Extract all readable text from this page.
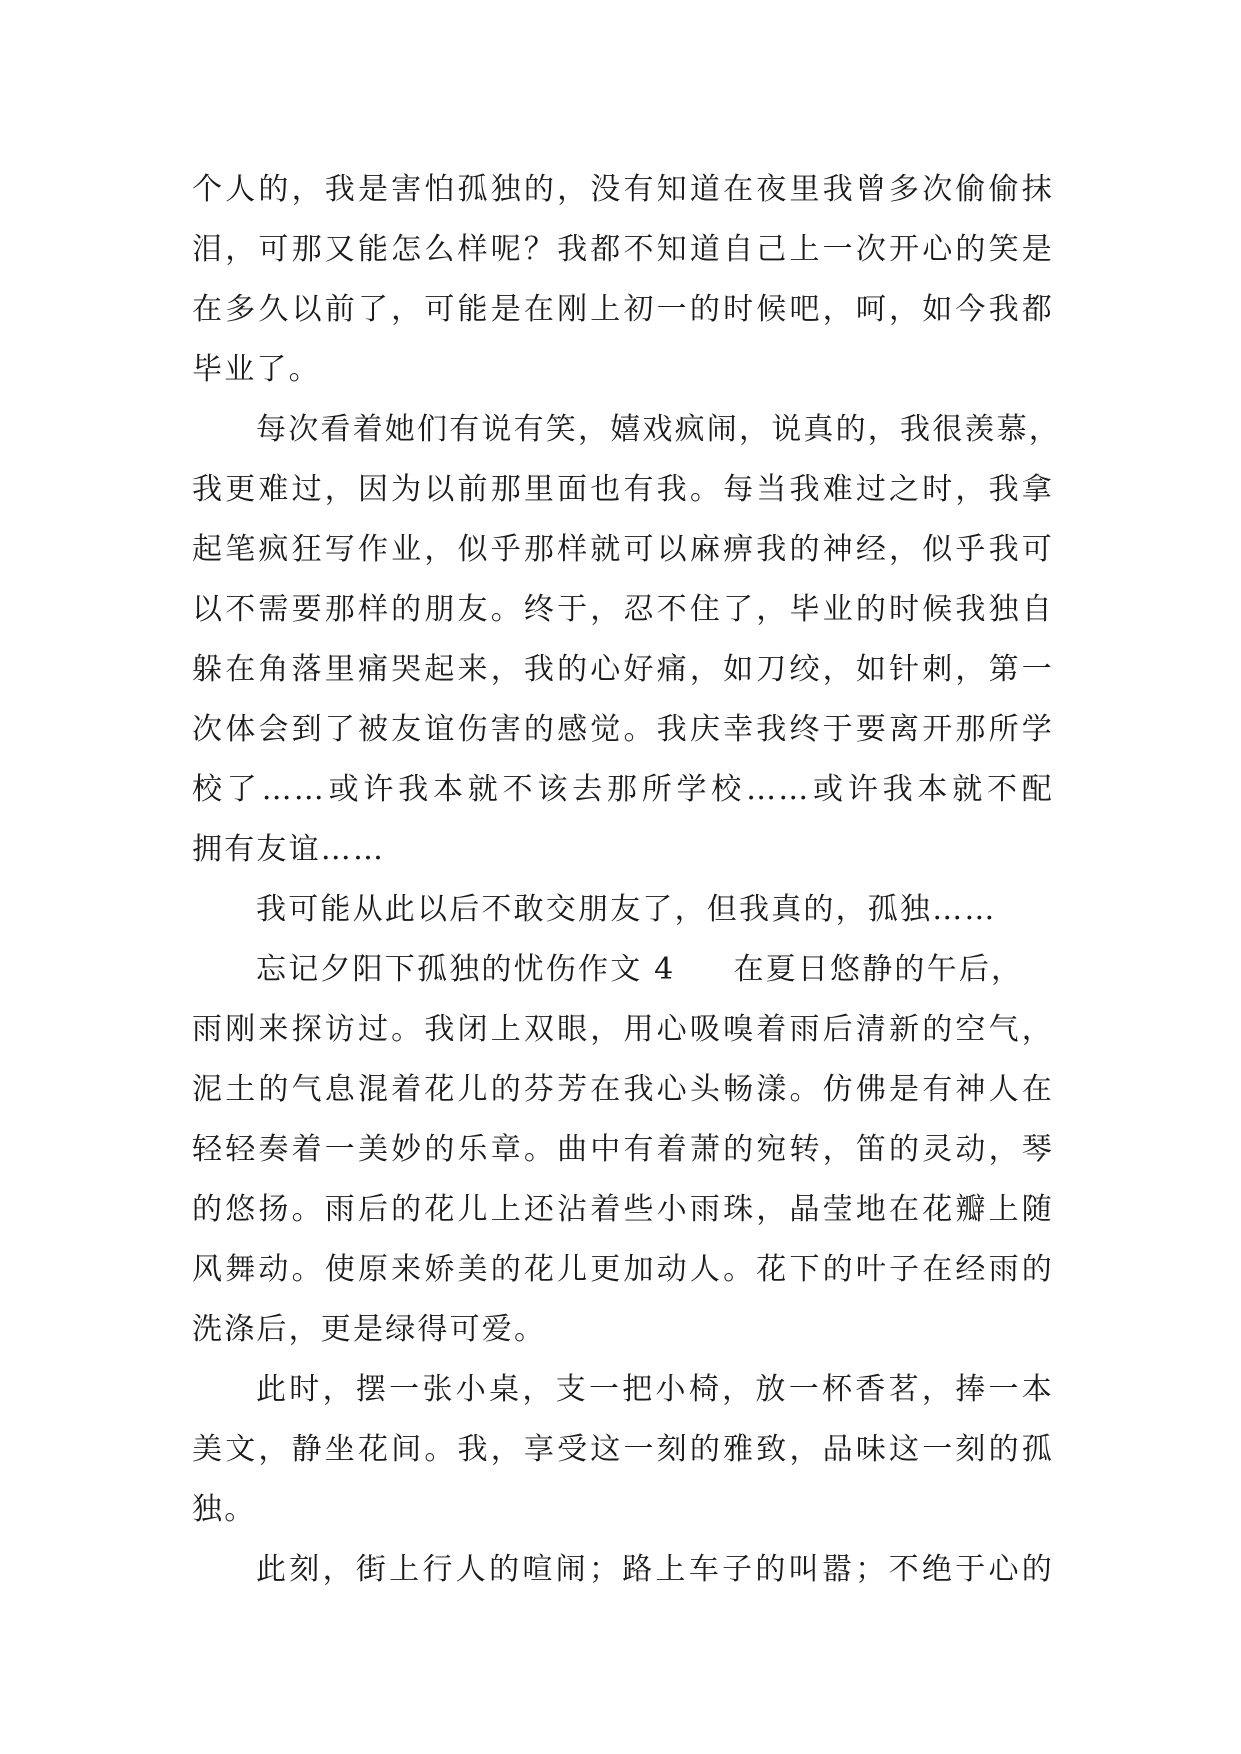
个人的，我是害怕孤独的，没有知道在夜里我曾多次偷偷抹
泪，可那又能怎么样呢？我都不知道自己上一次开心的笑是
在多久以前了，可能是在刚上初一的时候吧，呵，如今我都
毕业了。
每次看着她们有说有笑，嬉戏疯闹，说真的，我很羡慕，
我更难过，因为以前那里面也有我。每当我难过之时，我拿
起笔疯狂写作业，似乎那样就可以麻痹我的神经，似乎我可
以不需要那样的朋友。终于，忍不住了，毕业的时候我独自
躲在角落里痛哭起来，我的心好痛，如刀绞，如针刺，第一
次体会到了被友谊伤害的感觉。我庆幸我终于要离开那所学
校了……或许我本就不该去那所学校……或许我本就不配
拥有友谊……
我可能从此以后不敢交朋友了，但我真的，孤独……
忘记夕阳下孤独的忧伤作文 4 在夏日悠静的午后，
雨刚来探访过。我闭上双眼，用心吸嗅着雨后清新的空气，
泥土的气息混着花儿的芬芳在我心头畅漾。仿佛是有神人在
轻轻奏着一美妙的乐章。曲中有着萧的宛转，笛的灵动，琴
的悠扬。雨后的花儿上还沾着些小雨珠，晶莹地在花瓣上随
风舞动。使原来娇美的花儿更加动人。花下的叶子在经雨的
洗涤后，更是绿得可爱。
此时，摆一张小桌，支一把小椅，放一杯香茗，捧一本
美文，静坐花间。我，享受这一刻的雅致，品味这一刻的孤
独。
此刻，街上行人的喧闹；路上车子的叫嚣；不绝于心的
